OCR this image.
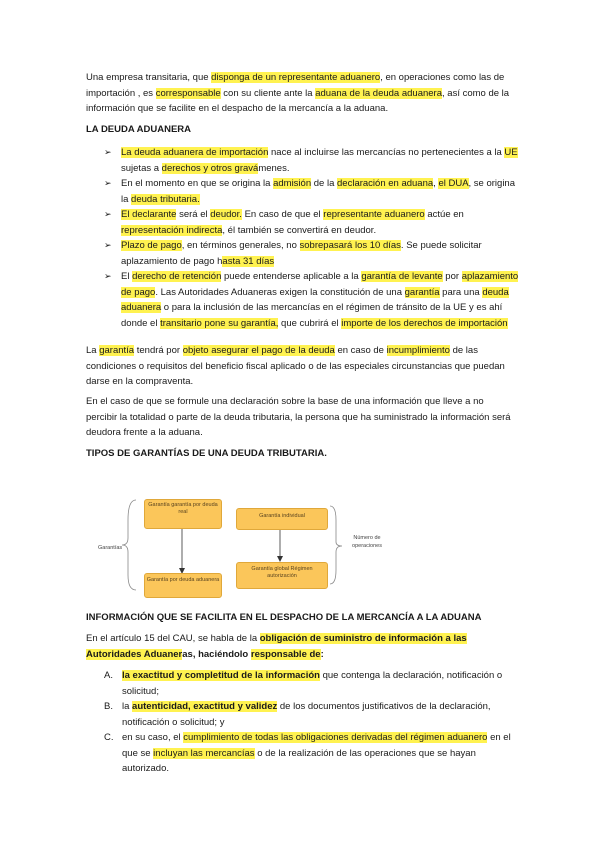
Una empresa transitaria, que disponga de un representante aduanero, en operaciones como las de importación , es corresponsable con su cliente ante la aduana de la deuda aduanera, así como de la información que se facilite en el despacho de la mercancía a la aduana.

LA DEUDA ADUANERA
➢ La deuda aduanera de importación nace al incluirse las mercancías no pertenecientes a la UE sujetas a derechos y otros gravámenes.

➢ En el momento en que se origina la admisión de la declaración en aduana, el DUA, se origina la deuda tributaria.

➢ El declarante será el deudor. En caso de que el representante aduanero actúe en representación indirecta, él también se convertirá en deudor.

➢ Plazo de pago, en términos generales, no sobrepasará los 10 días. Se puede solicitar aplazamiento de pago hasta 31 días

➢ El derecho de retención puede entenderse aplicable a la garantía de levante por aplazamiento de pago. Las Autoridades Aduaneras exigen la constitución de una garantía para una deuda aduanera o para la inclusión de las mercancías en el régimen de tránsito de la UE y es ahí donde el transitario pone su garantía, que cubrirá el importe de los derechos de importación

La garantía tendrá por objeto asegurar el pago de la deuda en caso de incumplimiento de las condiciones o requisitos del beneficio fiscal aplicado o de las especiales circunstancias que puedan darse en la compraventa.

En el caso de que se formule una declaración sobre la base de una información que lleve a no percibir la totalidad o parte de la deuda tributaria, la persona que ha suministrado la información será deudora frente a la aduana.

TIPOS DE GARANTÍAS DE UNA DEUDA TRIBUTARIA.
Garantías
Garantía garantía por deuda real
Garantía individual
Garantía por deuda aduanera
Garantía global Régimen autorización
Número de operaciones
INFORMACIÓN QUE SE FACILITA EN EL DESPACHO DE LA MERCANCÍA A LA ADUANA

En el artículo 15 del CAU, se habla de la obligación de suministro de información a las Autoridades Aduaneras, haciéndolo responsable de:

A. la exactitud y completitud de la información que contenga la declaración, notificación o solicitud;

B. la autenticidad, exactitud y validez de los documentos justificativos de la declaración, notificación o solicitud; y

C. en su caso, el cumplimiento de todas las obligaciones derivadas del régimen aduanero en el que se incluyan las mercancías o de la realización de las operaciones que se hayan autorizado.
